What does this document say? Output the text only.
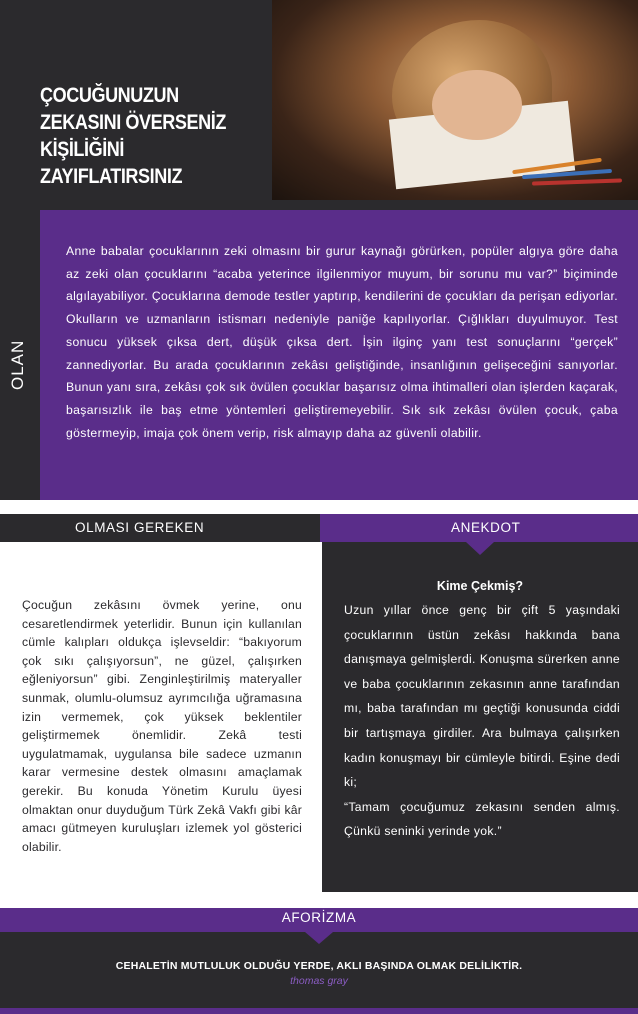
ÇOCUĞUNUZUN
ZEKASINI ÖVERSENİZ
KİŞİLİĞİNİ
ZAYIFLATIRSINIZ
OLAN

Anne babalar çocuklarının zeki olmasını bir gurur kaynağı görürken, popüler algıya göre daha az zeki olan çocuklarını “acaba yeterince ilgilenmiyor muyum, bir sorunu mu var?” biçiminde algılayabiliyor. Çocuklarına demode testler yaptırıp, kendilerini de çocukları da perişan ediyorlar. Okulların ve uzmanların istismarı nedeniyle paniğe kapılıyorlar. Çığlıkları duyulmuyor. Test sonucu yüksek çıksa dert, düşük çıksa dert. İşin ilginç yanı test sonuçlarını “gerçek” zannediyorlar. Bu arada çocuklarının zekâsı geliştiğinde, insanlığının gelişeceğini sanıyorlar. Bunun yanı sıra, zekâsı çok sık övülen çocuklar başarısız olma ihtimalleri olan işlerden kaçarak, başarısızlık ile baş etme yöntemleri geliştiremeyebilir. Sık sık zekâsı övülen çocuk, çaba göstermeyip, imaja çok önem verip, risk almayıp daha az güvenli olabilir.

OLMASI GEREKEN	ANEKDOT

Çocuğun zekâsını övmek yerine, onu cesaretlendirmek yeterlidir. Bunun için kullanılan cümle kalıpları oldukça işlevseldir: “bakıyorum çok sıkı çalışıyorsun”, ne güzel, çalışırken eğleniyorsun” gibi. Zenginleştirilmiş materyaller sunmak, olumlu-olumsuz ayrımcılığa uğramasına izin vermemek, çok yüksek beklentiler geliştirmemek önemlidir. Zekâ testi uygulatmamak, uygulansa bile sadece uzmanın karar vermesine destek olmasını amaçlamak gerekir. Bu konuda Yönetim Kurulu üyesi olmaktan onur duyduğum Türk Zekâ Vakfı gibi kâr amacı gütmeyen kuruluşları izlemek yol gösterici olabilir.

Uzun yıllar önce genç bir çift 5 yaşındaki çocuklarının üstün zekâsı hakkında bana danışmaya gelmişlerdi. Konuşma sürerken anne ve baba çocuklarının zekasının anne tarafından mı, baba tarafından mı geçtiği konusunda ciddi bir tartışmaya girdiler. Ara bulmaya çalışırken kadın konuşmayı bir cümleyle bitirdi. Eşine dedi ki;
“Tamam çocuğumuz zekasını senden almış. Çünkü seninki yerinde yok.”

Kime Çekmiş?
AFORİZMA
CEHALETİN MUTLULUK OLDUĞU YERDE, AKLI BAŞINDA OLMAK DELİLİKTİR.
thomas gray
